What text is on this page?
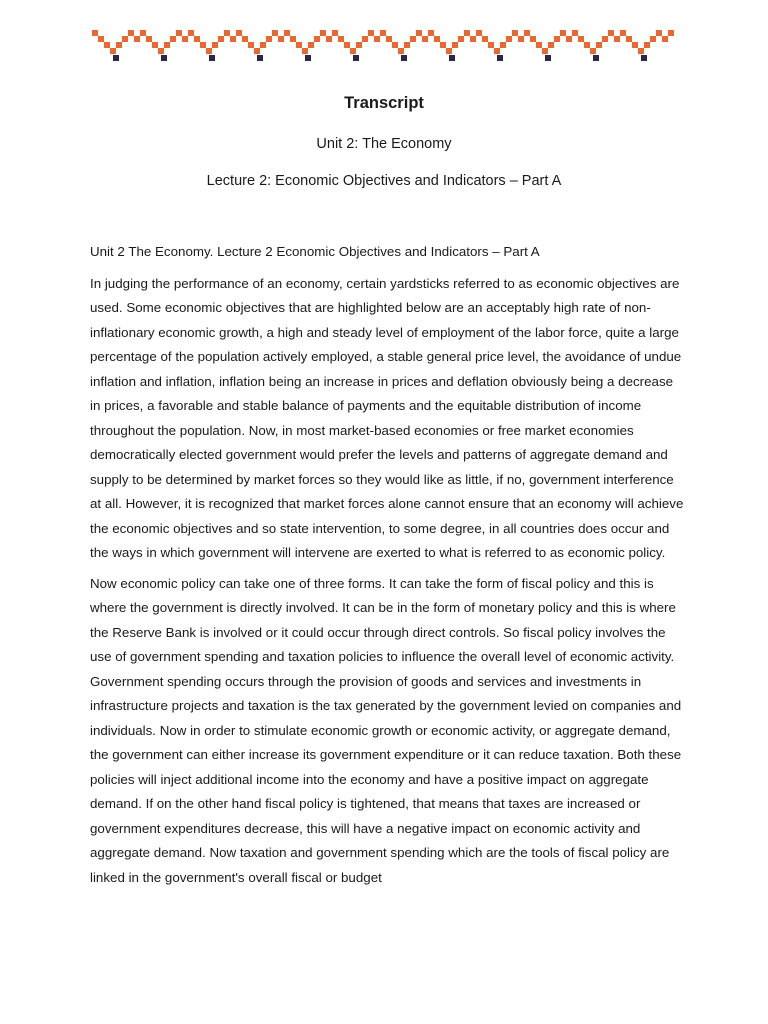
Transcript

Unit 2: The Economy

Lecture 2: Economic Objectives and Indicators – Part A

Unit 2 The Economy. Lecture 2 Economic Objectives and Indicators – Part A

In judging the performance of an economy, certain yardsticks referred to as economic objectives are used. Some economic objectives that are highlighted below are an acceptably high rate of non-inflationary economic growth, a high and steady level of employment of the labor force, quite a large percentage of the population actively employed, a stable general price level, the avoidance of undue inflation and inflation, inflation being an increase in prices and deflation obviously being a decrease in prices, a favorable and stable balance of payments and the equitable distribution of income throughout the population. Now, in most market-based economies or free market economies democratically elected government would prefer the levels and patterns of aggregate demand and supply to be determined by market forces so they would like as little, if no, government interference at all. However, it is recognized that market forces alone cannot ensure that an economy will achieve the economic objectives and so state intervention, to some degree, in all countries does occur and the ways in which government will intervene are exerted to what is referred to as economic policy.

Now economic policy can take one of three forms. It can take the form of fiscal policy and this is where the government is directly involved. It can be in the form of monetary policy and this is where the Reserve Bank is involved or it could occur through direct controls. So fiscal policy involves the use of government spending and taxation policies to influence the overall level of economic activity. Government spending occurs through the provision of goods and services and investments in infrastructure projects and taxation is the tax generated by the government levied on companies and individuals. Now in order to stimulate economic growth or economic activity, or aggregate demand, the government can either increase its government expenditure or it can reduce taxation. Both these policies will inject additional income into the economy and have a positive impact on aggregate demand. If on the other hand fiscal policy is tightened, that means that taxes are increased or government expenditures decrease, this will have a negative impact on economic activity and aggregate demand. Now taxation and government spending which are the tools of fiscal policy are linked in the government's overall fiscal or budget
